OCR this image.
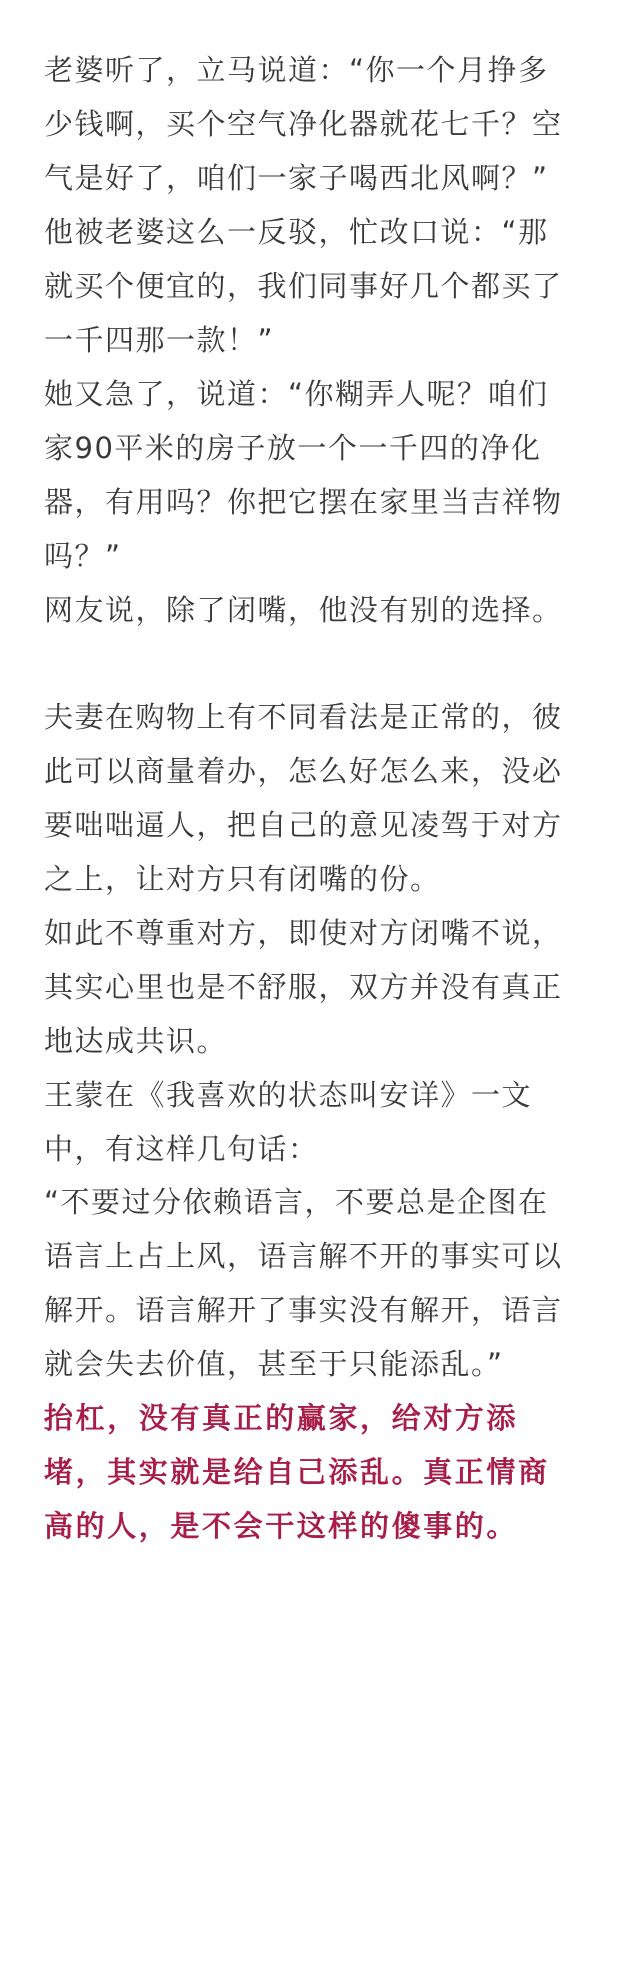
老婆听了，立马说道：“你一个月挣多
少钱啊，买个空气净化器就花七千？空
气是好了，咱们一家子喝西北风啊？”
他被老婆这么一反驳，忙改口说：“那
就买个便宜的，我们同事好几个都买了
一千四那一款！”
她又急了，说道：“你糊弄人呢？咱们
家90平米的房子放一个一千四的净化
器，有用吗？你把它摆在家里当吉祥物
吗？”
网友说，除了闭嘴，他没有别的选择。
夫妻在购物上有不同看法是正常的，彼
此可以商量着办，怎么好怎么来，没必
要咄咄逼人，把自己的意见凌驾于对方
之上，让对方只有闭嘴的份。
如此不尊重对方，即使对方闭嘴不说，
其实心里也是不舒服，双方并没有真正
地达成共识。
王蒙在《我喜欢的状态叫安详》一文
中，有这样几句话：
“不要过分依赖语言，不要总是企图在
语言上占上风，语言解不开的事实可以
解开。语言解开了事实没有解开，语言
就会失去价值，甚至于只能添乱。”
抬杠，没有真正的赢家，给对方添
堵，其实就是给自己添乱。真正情商
高的人，是不会干这样的傻事的。
